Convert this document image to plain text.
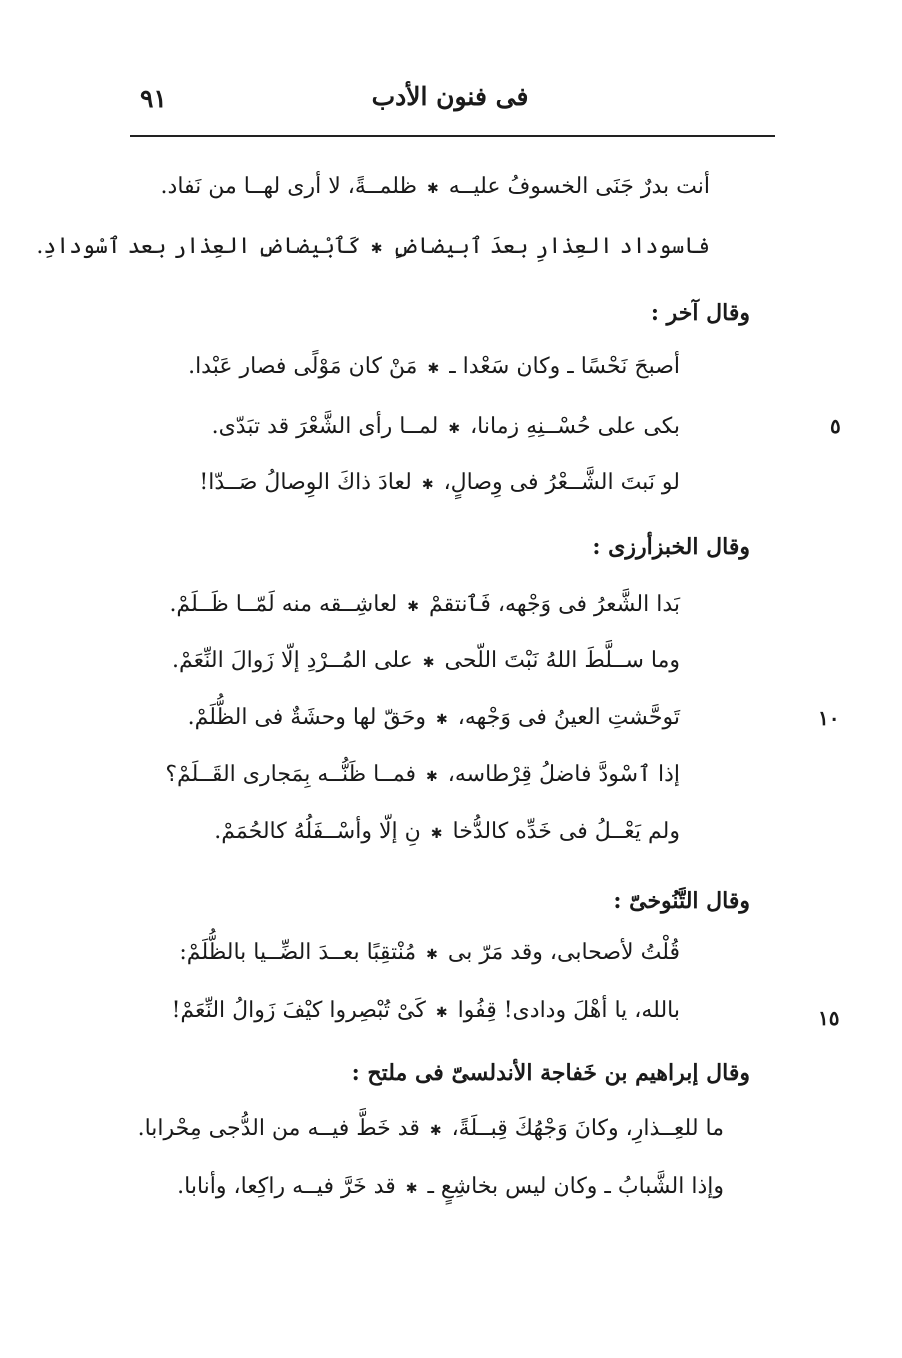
فى فنون الأدب
٩١
أنت بدرٌ جَنَى الخسوفُ عليــه✱ظلمــةً، لا أرى لهــا من نَفاد.
فاسوداد العِذارِ بعدَ ٱبيضاضٍ✱كَٱبْيضاضِ العِذار بعد ٱسْودادِ.
وقال آخر :
أصبحَ نَحْسًا ـ وكان سَعْدا ـ✱مَنْ كان مَوْلًى فصار عَبْدا.
بكى على حُسْــنِهِ زمانا،✱لمــا رأى الشَّعْرَ قد تبَدّى.
لو نَبتَ الشَّــعْرُ فى وِصالٍ،✱لعادَ ذاكَ الوِصالُ صَــدّا!
وقال الخبزأرزى :
بَدا الشَّعرُ فى وَجْهه، فَٱنتقمْ✱لعاشِــقه منه لَمّــا ظَــلَمْ.
وما ســلَّطَ اللهُ نَبْتَ اللّحى✱على المُــرْدِ إلّا زَوالَ النِّعَمْ.
تَوحَّشتِ العينُ فى وَجْهه،✱وحَقّ لها وحشَةٌ فى الظُّلَمْ.
إذا ٱسْودَّ فاضلُ قِرْطاسه،✱فمــا ظَنُّــه بِمَجارى القَــلَمْ؟
ولم يَعْــلُ فى خَدِّه كالدُّخا✱نِ إلّا وأسْــفَلُهُ كالحُمَمْ.
وقال التَّنُوخىّ :
قُلْتُ لأصحابى، وقد مَرّ بى✱مُنْتقِبًا بعــدَ الضِّــيا بالظُّلَمْ:
بالله، يا أهْلَ ودادى! قِفُوا✱كَىْ تُبْصِروا كيْفَ زَوالُ النِّعَمْ!
وقال إبراهيم بن خَفاجة الأندلسىّ فى ملتح :
ما للعِــذارِ، وكانَ وَجْهُكَ قِبــلَةً،✱قد خَطَّ فيــه من الدُّجى مِحْرابا.
وإذا الشَّبابُ ـ وكان ليس بخاشِعٍ ـ✱قد خَرَّ فيــه راكِعا، وأنابا.
٥
١٠
١٥
